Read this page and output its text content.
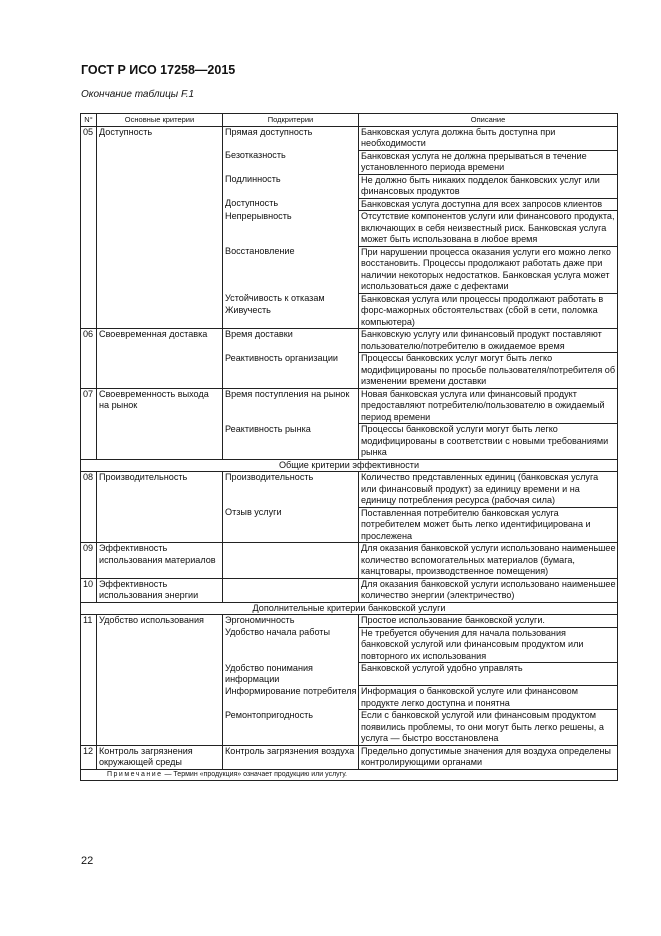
ГОСТ Р ИСО 17258—2015
Окончание таблицы F.1
N°	Основные критерии	Подкритерии	Описание
05	Доступность	Прямая доступность	Банковская услуга должна быть доступна при необходимости
		Безотказность	Банковская услуга не должна прерываться в течение установленного периода времени
		Подлинность	Не должно быть никаких подделок банковских услуг или финансовых продуктов
		Доступность	Банковская услуга доступна для всех запросов клиентов
		Непрерывность	Отсутствие компонентов услуги или финансового продукта, включающих в себя неизвестный риск. Банковская услуга может быть использована в любое время
		Восстановление	При нарушении процесса оказания услуги его можно легко восстановить. Процессы продолжают работать даже при наличии некоторых недостатков. Банковская услуга может использоваться даже с дефектами
		Устойчивость к отказам Живучесть	Банковская услуга или процессы продолжают работать в форс-мажорных обстоятельствах (сбой в сети, поломка компьютера)
06	Своевременная доставка	Время доставки	Банковскую услугу или финансовый продукт поставляют пользователю/потребителю в ожидаемое время
		Реактивность организации	Процессы банковских услуг могут быть легко модифицированы по просьбе пользователя/потребителя об изменении времени доставки
07	Своевременность выхода на рынок	Время поступления на рынок	Новая банковская услуга или финансовый продукт предоставляют потребителю/пользователю в ожидаемый период времени
		Реактивность рынка	Процессы банковской услуги могут быть легко модифицированы в соответствии с новыми требованиями рынка
Общие критерии эффективности			
08	Производительность	Производительность	Количество представленных единиц (банковская услуга или финансовый продукт) за единицу времени и на единицу потребления ресурса (рабочая сила)
		Отзыв услуги	Поставленная потребителю банковская услуга потребителем может быть легко идентифицирована и прослежена
09	Эффективность использования материалов		Для оказания банковской услуги использовано наименьшее количество вспомогательных материалов (бумага, канцтовары, производственное помещения)
10	Эффективность использования энергии		Для оказания банковской услуги использовано наименьшее количество энергии (электричество)
Дополнительные критерии банковской услуги			
11	Удобство использования	Эргономичность	Простое использование банковской услуги.
		Удобство начала работы	Не требуется обучения для начала пользования банковской услугой или финансовым продуктом или повторного их использования
		Удобство понимания информации	Банковской услугой удобно управлять
		Информирование потребителя	Информация о банковской услуге или финансовом продукте легко доступна и понятна
		Ремонтопригодность	Если с банковской услугой или финансовым продуктом появились проблемы, то они могут быть легко решены, а услуга — быстро восстановлена
12	Контроль загрязнения окружающей среды	Контроль загрязнения воздуха	Предельно допустимые значения для воздуха определены контролирующими органами
Примечание — Термин «продукция» означает продукцию или услугу.			
22
